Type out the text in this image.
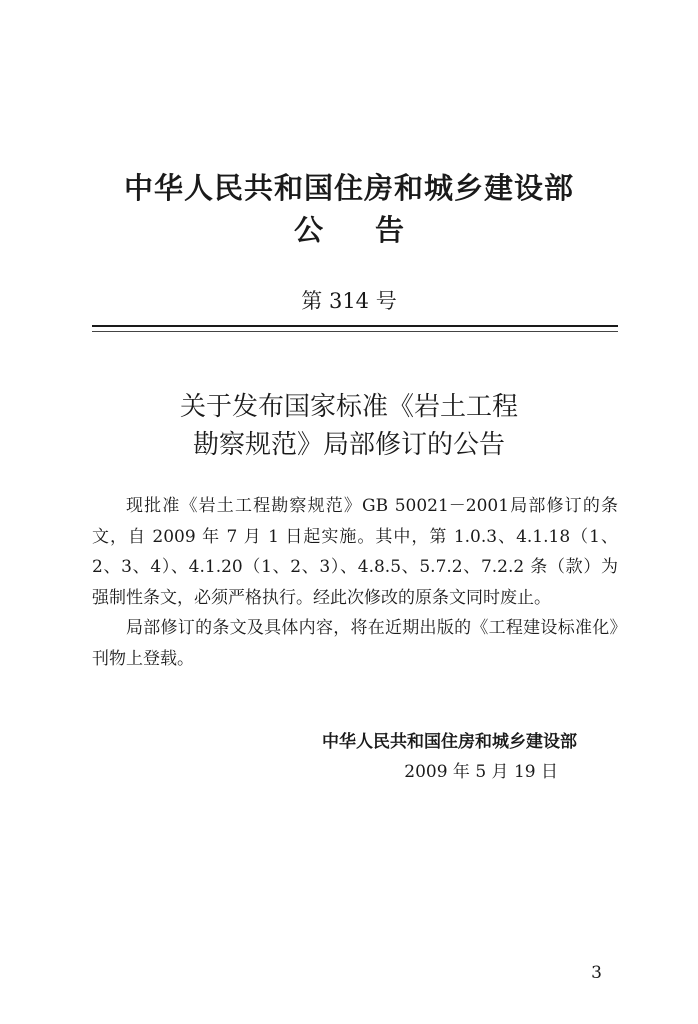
中华人民共和国住房和城乡建设部
公告
第 314 号
关于发布国家标准《岩土工程
勘察规范》局部修订的公告

现批准《岩土工程勘察规范》GB 50021－2001局部修订的条文，自 2009 年 7 月 1 日起实施。其中，第 1.0.3、4.1.18（1、2、3、4）、4.1.20（1、2、3）、4.8.5、5.7.2、7.2.2 条（款）为强制性条文，必须严格执行。经此次修改的原条文同时废止。

局部修订的条文及具体内容，将在近期出版的《工程建设标准化》刊物上登载。

中华人民共和国住房和城乡建设部
2009 年 5 月 19 日
3
